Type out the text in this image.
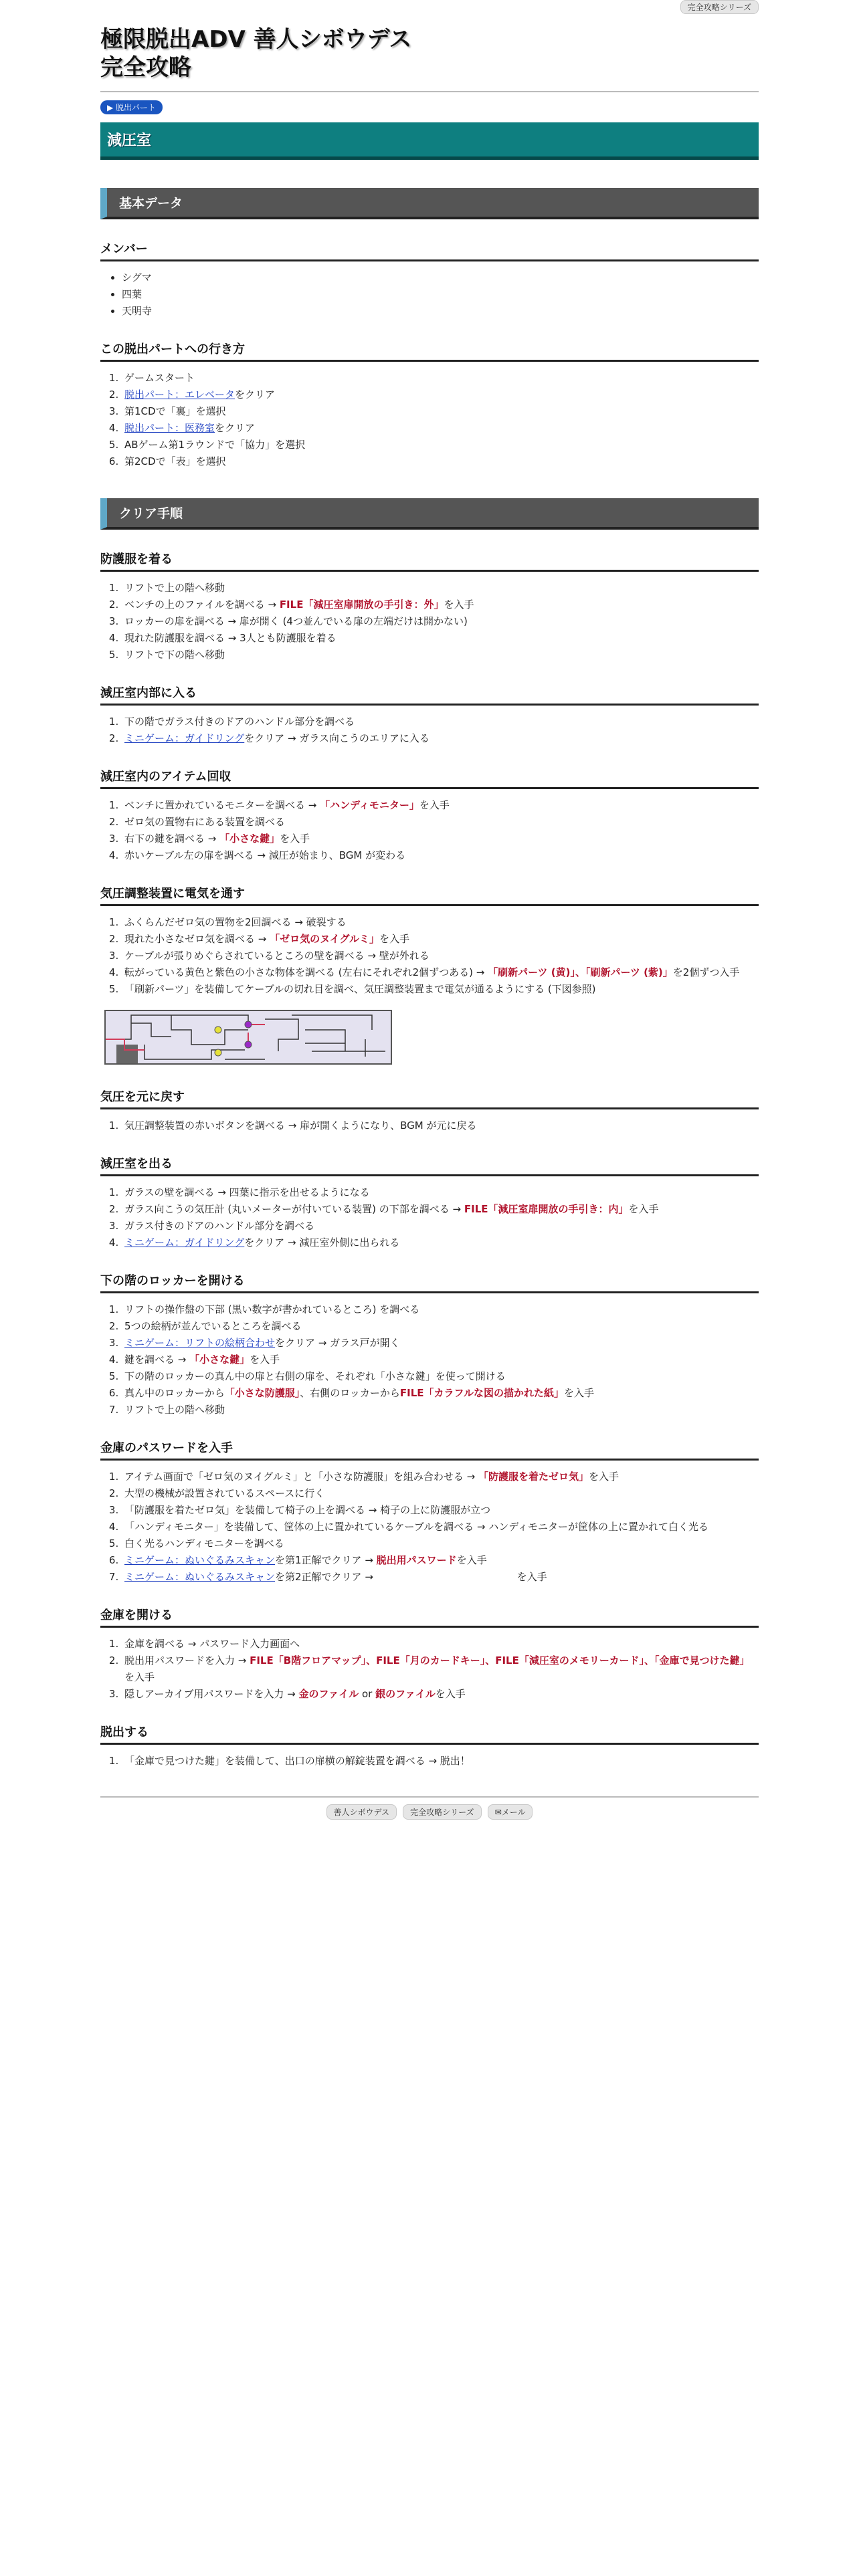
完全攻略シリーズ
極限脱出ADV 善人シボウデス
完全攻略
▶ 脱出パート
減圧室
基本データ
メンバー
• シグマ
• 四葉
• 天明寺
この脱出パートへの行き方
1. ゲームスタート
2. 脱出パート：エレベータをクリア
3. 第1CDで「裏」を選択
4. 脱出パート：医務室をクリア
5. ABゲーム第1ラウンドで「協力」を選択
6. 第2CDで「表」を選択
クリア手順
防護服を着る
1. リフトで上の階へ移動
2. ベンチの上のファイルを調べる → FILE「減圧室扉開放の手引き：外」を入手
3. ロッカーの扉を調べる → 扉が開く (4つ並んでいる扉の左端だけは開かない)
4. 現れた防護服を調べる → 3人とも防護服を着る
5. リフトで下の階へ移動
減圧室内部に入る
1. 下の階でガラス付きのドアのハンドル部分を調べる
2. ミニゲーム：ガイドリングをクリア → ガラス向こうのエリアに入る
減圧室内のアイテム回収
1. ベンチに置かれているモニターを調べる → 「ハンディモニター」を入手
2. ゼロ気の置物右にある装置を調べる
3. 右下の鍵を調べる → 「小さな鍵」を入手
4. 赤いケーブル左の扉を調べる → 減圧が始まり、BGM が変わる
気圧調整装置に電気を通す
1. ふくらんだゼロ気の置物を2回調べる → 破裂する
2. 現れた小さなゼロ気を調べる → 「ゼロ気のヌイグルミ」を入手
3. ケーブルが張りめぐらされているところの壁を調べる → 壁が外れる
4. 転がっている黄色と紫色の小さな物体を調べる (左右にそれぞれ2個ずつある) → 「刷新パーツ (黄)」、「刷新パーツ (紫)」を2個ずつ入手
5. 「刷新パーツ」を装備してケーブルの切れ目を調べ、気圧調整装置まで電気が通るようにする (下図参照)
気圧を元に戻す
1. 気圧調整装置の赤いボタンを調べる → 扉が開くようになり、BGM が元に戻る
減圧室を出る
1. ガラスの壁を調べる → 四葉に指示を出せるようになる
2. ガラス向こうの気圧計 (丸いメーターが付いている装置) の下部を調べる → FILE「減圧室扉開放の手引き：内」を入手
3. ガラス付きのドアのハンドル部分を調べる
4. ミニゲーム：ガイドリングをクリア → 減圧室外側に出られる
下の階のロッカーを開ける
1. リフトの操作盤の下部 (黒い数字が書かれているところ) を調べる
2. 5つの絵柄が並んでいるところを調べる
3. ミニゲーム：リフトの絵柄合わせをクリア → ガラス戸が開く
4. 鍵を調べる → 「小さな鍵」を入手
5. 下の階のロッカーの真ん中の扉と右側の扉を、それぞれ「小さな鍵」を使って開ける
6. 真ん中のロッカーから「小さな防護服」、右側のロッカーからFILE「カラフルな図の描かれた紙」を入手
7. リフトで上の階へ移動
金庫のパスワードを入手
1. アイテム画面で「ゼロ気のヌイグルミ」と「小さな防護服」を組み合わせる → 「防護服を着たゼロ気」を入手
2. 大型の機械が設置されているスペースに行く
3. 「防護服を着たゼロ気」を装備して椅子の上を調べる → 椅子の上に防護服が立つ
4. 「ハンディモニター」を装備して、筐体の上に置かれているケーブルを調べる → ハンディモニターが筐体の上に置かれて白く光る
5. 白く光るハンディモニターを調べる
6. ミニゲーム：ぬいぐるみスキャンを第1正解でクリア → 脱出用パスワードを入手
7. ミニゲーム：ぬいぐるみスキャンを第2正解でクリア →	を入手
金庫を開ける
1. 金庫を調べる → パスワード入力画面へ
2. 脱出用パスワードを入力 → FILE「B階フロアマップ」、FILE「月のカードキー」、FILE「減圧室のメモリーカード」、「金庫で見つけた鍵」を入手
3. 隠しアーカイブ用パスワードを入力 → 金のファイル or 銀のファイルを入手
脱出する
1. 「金庫で見つけた鍵」を装備して、出口の扉横の解錠装置を調べる → 脱出！
善人シボウデス	完全攻略シリーズ	✉メール
